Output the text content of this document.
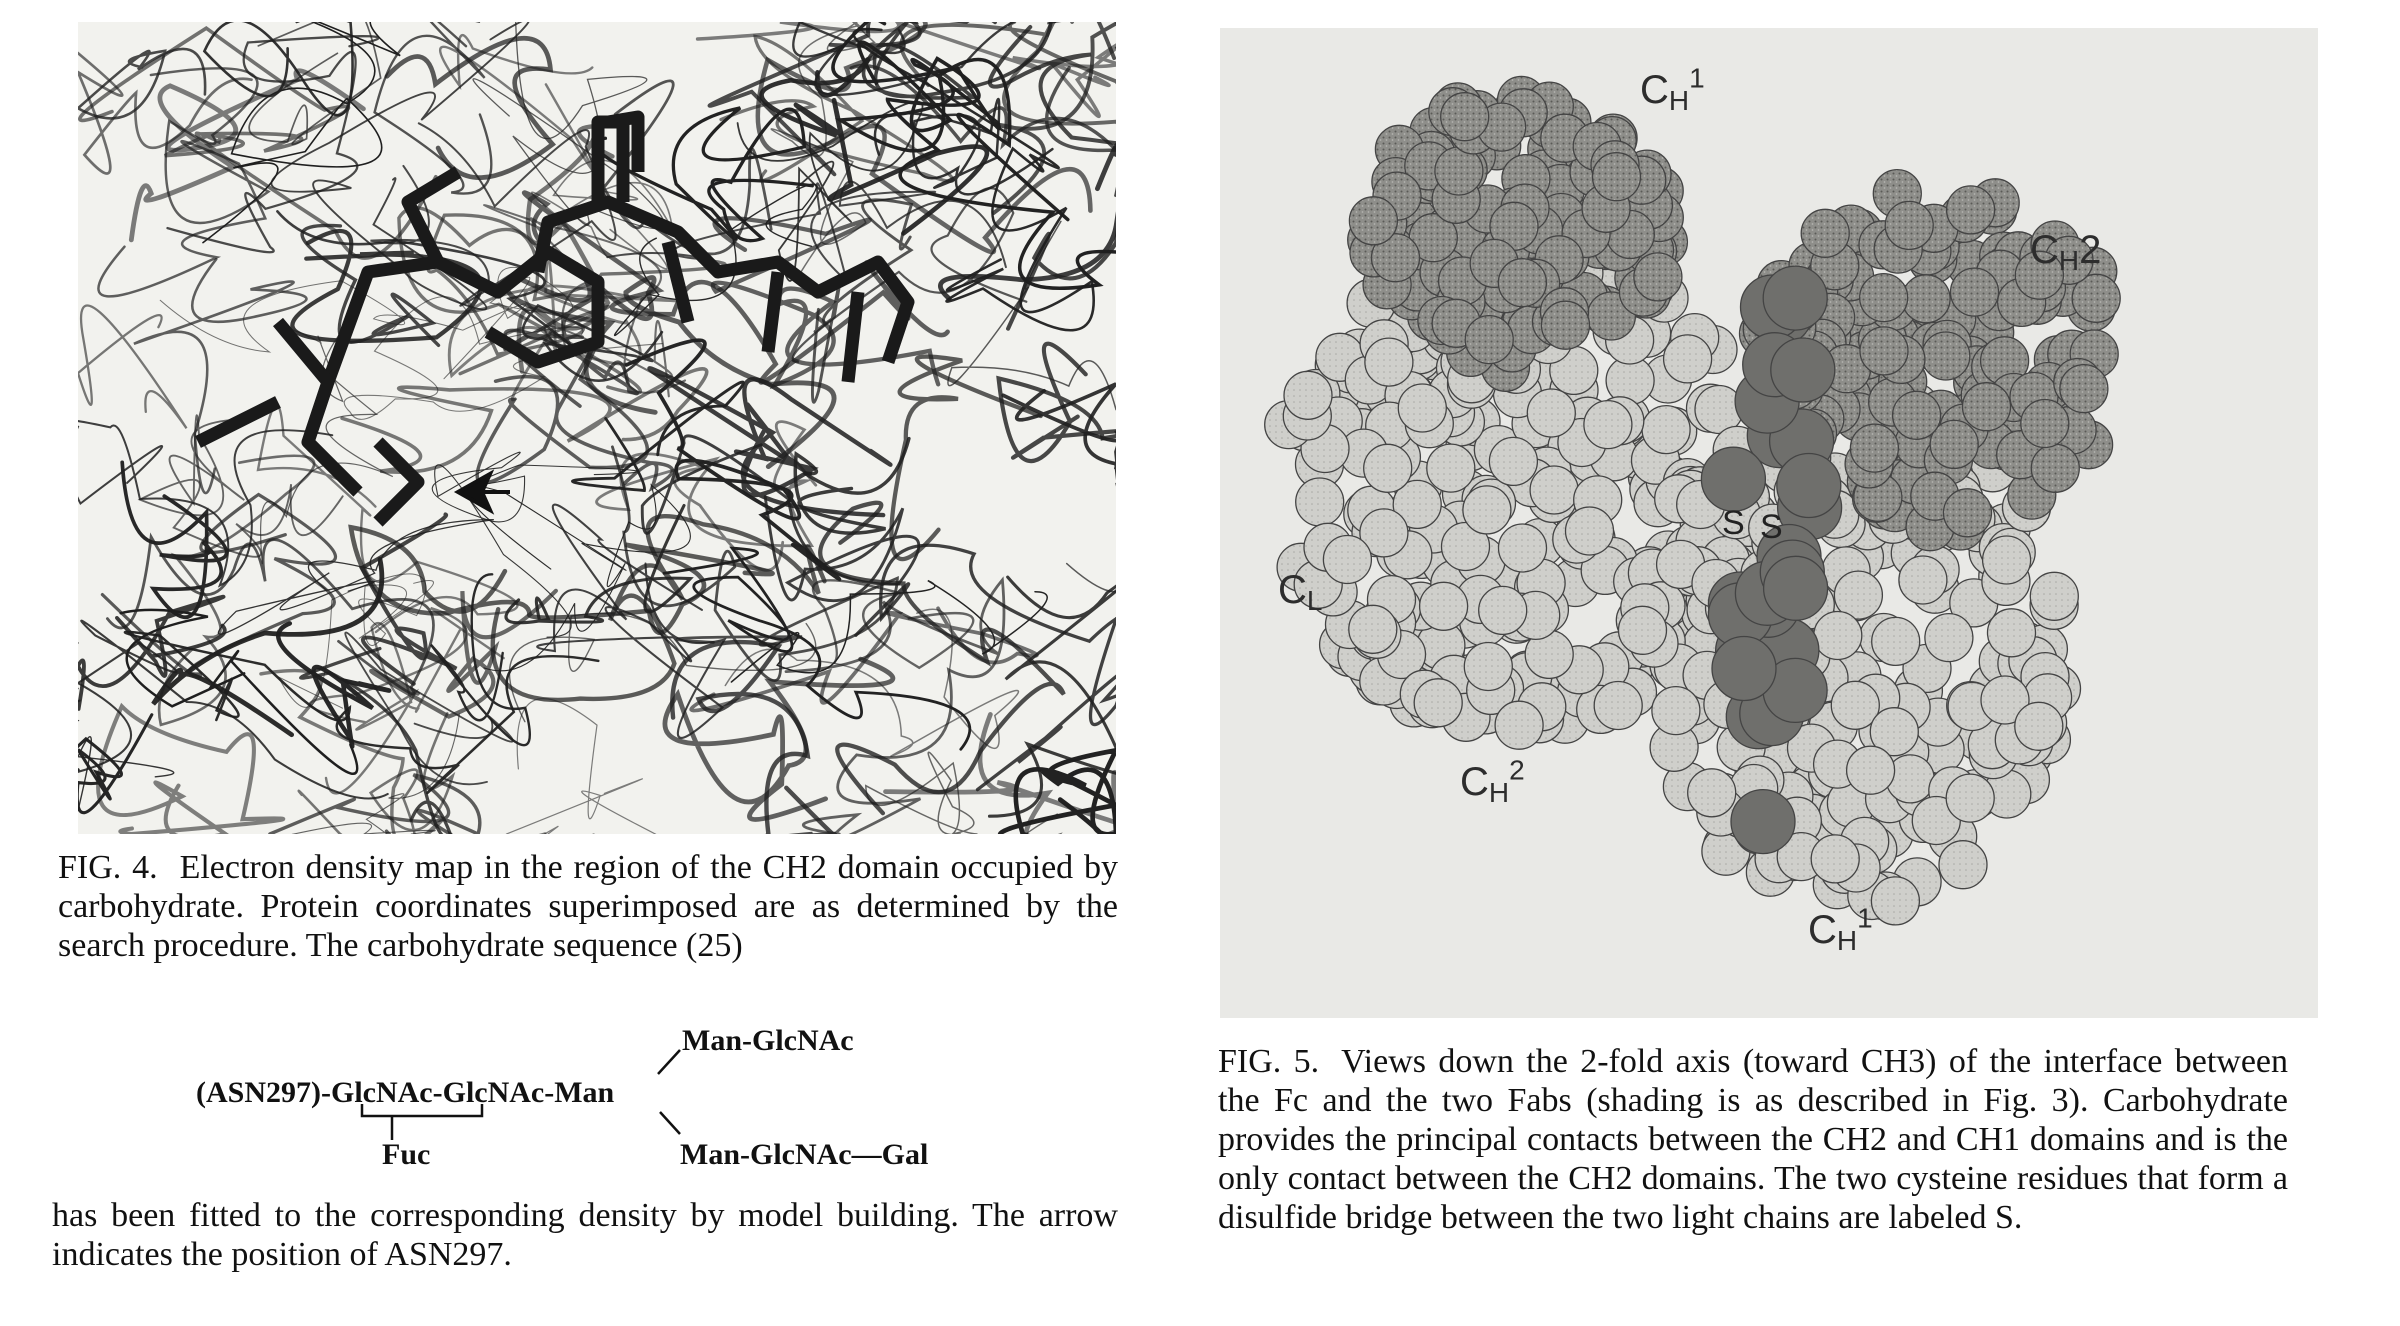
FIG. 4. Electron density map in the region of the CH2 domain occupied by carbohydrate. Protein coordinates superimposed are as determined by the search procedure. The carbohydrate sequence (25)
Man-GlcNAc
(ASN297)-GlcNAc-GlcNAc-Man
Fuc	Man-GlcNAc—Gal
has been fitted to the corresponding density by model building. The arrow indicates the position of ASN297.
$C_H^1$
$C_H2$
$C_L$
$C_H^2$
$C_H^1$
S S
FIG. 5. Views down the 2-fold axis (toward CH3) of the interface between the Fc and the two Fabs (shading is as described in Fig. 3). Carbohydrate provides the principal contacts between the CH2 and CH1 domains and is the only contact between the CH2 domains. The two cysteine residues that form a disulfide bridge between the two light chains are labeled S.
